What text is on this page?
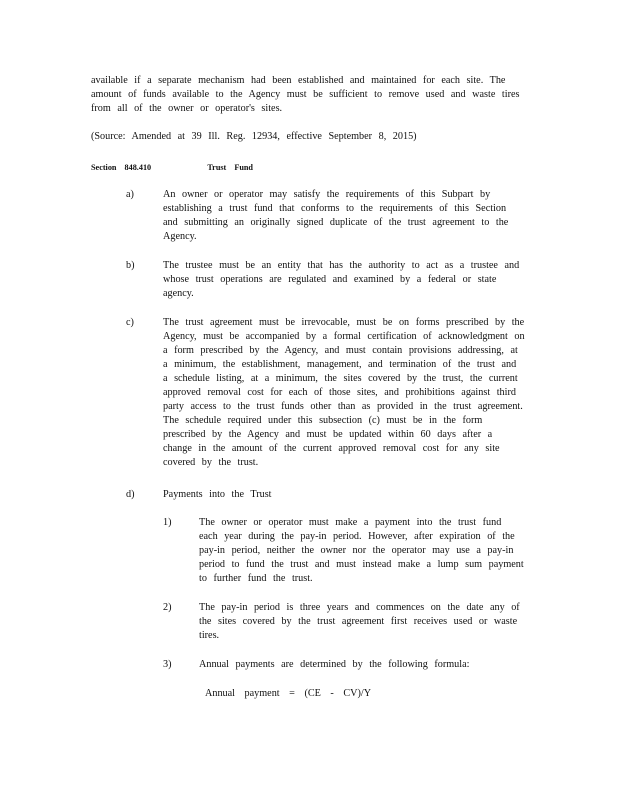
available if a separate mechanism had been established and maintained for each site. The amount of funds available to the Agency must be sufficient to remove used and waste tires from all of the owner or operator's sites.

(Source: Amended at 39 Ill. Reg. 12934, effective September 8, 2015)

Section 848.410	Trust Fund
a)	An owner or operator may satisfy the requirements of this Subpart by establishing a trust fund that conforms to the requirements of this Section and submitting an originally signed duplicate of the trust agreement to the Agency.

b)	The trustee must be an entity that has the authority to act as a trustee and whose trust operations are regulated and examined by a federal or state agency.

c)	The trust agreement must be irrevocable, must be on forms prescribed by the Agency, must be accompanied by a formal certification of acknowledgment on a form prescribed by the Agency, and must contain provisions addressing, at a minimum, the establishment, management, and termination of the trust and a schedule listing, at a minimum, the sites covered by the trust, the current approved removal cost for each of those sites, and prohibitions against third party access to the trust funds other than as provided in the trust agreement. The schedule required under this subsection (c) must be in the form prescribed by the Agency and must be updated within 60 days after a change in the amount of the current approved removal cost for any site covered by the trust.

d)	Payments into the Trust

1)	The owner or operator must make a payment into the trust fund each year during the pay-in period. However, after expiration of the pay-in period, neither the owner nor the operator may use a pay-in period to fund the trust and must instead make a lump sum payment to further fund the trust.

2)	The pay-in period is three years and commences on the date any of the sites covered by the trust agreement first receives used or waste tires.

3)	Annual payments are determined by the following formula:

Annual payment = (CE - CV)/Y
